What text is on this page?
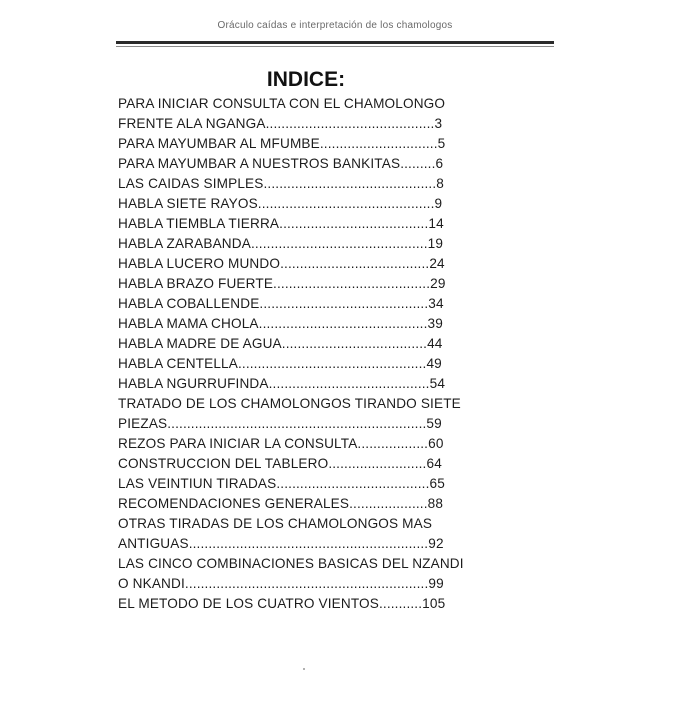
Oráculo caídas e interpretación de los chamologos
INDICE:
PARA INICIAR CONSULTA CON EL CHAMOLONGO
FRENTE ALA NGANGA...........................................3
PARA MAYUMBAR AL MFUMBE..............................5
PARA MAYUMBAR A NUESTROS BANKITAS.........6
LAS CAIDAS SIMPLES............................................8
HABLA SIETE RAYOS.............................................9
HABLA TIEMBLA TIERRA......................................14
HABLA ZARABANDA.............................................19
HABLA LUCERO MUNDO......................................24
HABLA BRAZO FUERTE........................................29
HABLA COBALLENDE...........................................34
HABLA MAMA CHOLA...........................................39
HABLA MADRE DE AGUA.....................................44
HABLA CENTELLA................................................49
HABLA NGURRUFINDA.........................................54
TRATADO DE LOS CHAMOLONGOS TIRANDO SIETE
PIEZAS..................................................................59
REZOS PARA INICIAR LA CONSULTA..................60
CONSTRUCCION DEL TABLERO.........................64
LAS VEINTIUN TIRADAS.......................................65
RECOMENDACIONES GENERALES....................88
OTRAS TIRADAS DE LOS CHAMOLONGOS MAS
ANTIGUAS.............................................................92
LAS CINCO COMBINACIONES BASICAS DEL NZANDI
O NKANDI..............................................................99
EL METODO DE LOS CUATRO VIENTOS...........105
